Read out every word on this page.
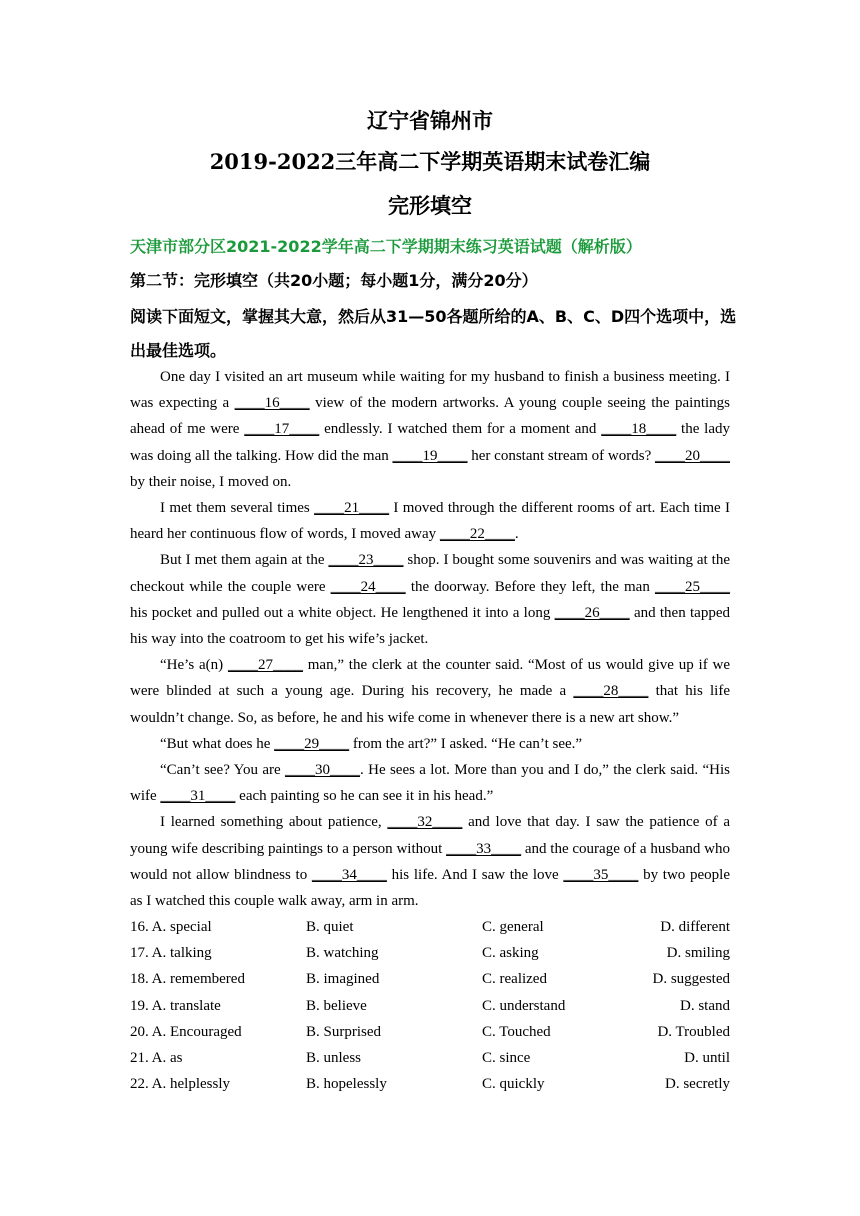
辽宁省锦州市
2019-2022三年高二下学期英语期末试卷汇编
完形填空
天津市部分区2021-2022学年高二下学期期末练习英语试题（解析版）
第二节：完形填空（共20小题；每小题1分，满分20分）
阅读下面短文，掌握其大意，然后从31—50各题所给的A、B、C、D四个选项中，选出最佳选项。

One day I visited an art museum while waiting for my husband to finish a business meeting. I was expecting a ____16____ view of the modern artworks. A young couple seeing the paintings ahead of me were ____17____ endlessly. I watched them for a moment and ____18____ the lady was doing all the talking. How did the man ____19____ her constant stream of words? ____20____ by their noise, I moved on.

I met them several times ____21____ I moved through the different rooms of art. Each time I heard her continuous flow of words, I moved away ____22____.

But I met them again at the ____23____ shop. I bought some souvenirs and was waiting at the checkout while the couple were ____24____ the doorway. Before they left, the man ____25____ his pocket and pulled out a white object. He lengthened it into a long ____26____ and then tapped his way into the coatroom to get his wife’s jacket.

“He’s a(n) ____27____ man,” the clerk at the counter said. “Most of us would give up if we were blinded at such a young age. During his recovery, he made a ____28____ that his life wouldn’t change. So, as before, he and his wife come in whenever there is a new art show.”

“But what does he ____29____ from the art?” I asked. “He can’t see.”

“Can’t see? You are ____30____. He sees a lot. More than you and I do,” the clerk said. “His wife ____31____ each painting so he can see it in his head.”

I learned something about patience, ____32____ and love that day. I saw the patience of a young wife describing paintings to a person without ____33____ and the courage of a husband who would not allow blindness to ____34____ his life. And I saw the love ____35____ by two people as I watched this couple walk away, arm in arm.

16. A. special	B. quiet	C. general	D. different
17. A. talking	B. watching	C. asking	D. smiling
18. A. remembered	B. imagined	C. realized	D. suggested
19. A. translate	B. believe	C. understand	D. stand
20. A. Encouraged	B. Surprised	C. Touched	D. Troubled
21. A. as	B. unless	C. since	D. until
22. A. helplessly	B. hopelessly	C. quickly	D. secretly
